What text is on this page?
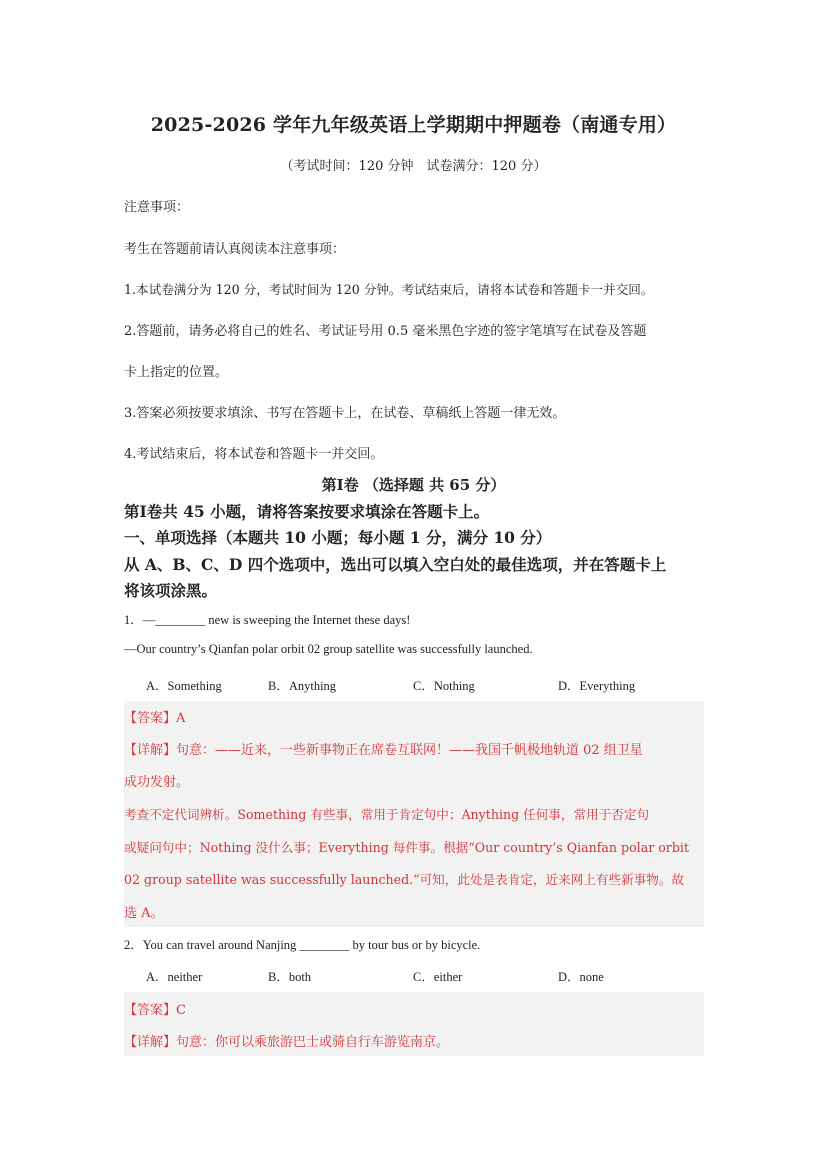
2025-2026 学年九年级英语上学期期中押题卷（南通专用）
（考试时间：120 分钟　试卷满分：120 分）
注意事项：
考生在答题前请认真阅读本注意事项：
1.本试卷满分为 120 分，考试时间为 120 分钟。考试结束后，请将本试卷和答题卡一并交回。
2.答题前，请务必将自己的姓名、考试证号用 0.5 毫米黑色字迹的签字笔填写在试卷及答题
卡上指定的位置。
3.答案必须按要求填涂、书写在答题卡上，在试卷、草稿纸上答题一律无效。
4.考试结束后，将本试卷和答题卡一并交回。
第Ⅰ卷 （选择题 共 65 分）
第Ⅰ卷共 45 小题，请将答案按要求填涂在答题卡上。
一、单项选择（本题共 10 小题；每小题 1 分，满分 10 分）
从 A、B、C、D 四个选项中，选出可以填入空白处的最佳选项，并在答题卡上
将该项涂黑。
1．—________ new is sweeping the Internet these days!
—Our country’s Qianfan polar orbit 02 group satellite was successfully launched.
A．Something	B．Anything	C．Nothing	D．Everything
【答案】A
【详解】句意：——近来，一些新事物正在席卷互联网！——我国千帆极地轨道 02 组卫星
成功发射。
考查不定代词辨析。Something 有些事，常用于肯定句中；Anything 任何事，常用于否定句
或疑问句中；Nothing 没什么事；Everything 每件事。根据“Our country’s Qianfan polar orbit
02 group satellite was successfully launched.”可知，此处是表肯定，近来网上有些新事物。故
选 A。
2．You can travel around Nanjing ________ by tour bus or by bicycle.
A．neither	B．both	C．either	D．none
【答案】C
【详解】句意：你可以乘旅游巴士或骑自行车游览南京。
